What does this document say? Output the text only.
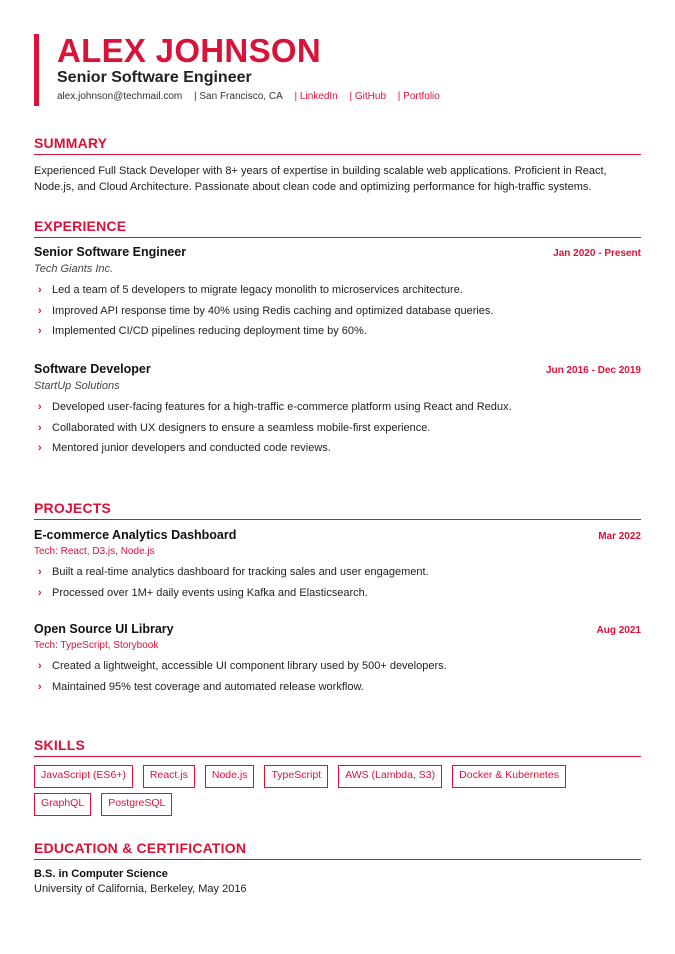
ALEX JOHNSON
Senior Software Engineer
alex.johnson@techmail.com | San Francisco, CA | LinkedIn | GitHub | Portfolio
SUMMARY
Experienced Full Stack Developer with 8+ years of expertise in building scalable web applications. Proficient in React, Node.js, and Cloud Architecture. Passionate about clean code and optimizing performance for high-traffic systems.
EXPERIENCE
Senior Software Engineer	Jan 2020 - Present
Tech Giants Inc.
› Led a team of 5 developers to migrate legacy monolith to microservices architecture.
› Improved API response time by 40% using Redis caching and optimized database queries.
› Implemented CI/CD pipelines reducing deployment time by 60%.
Software Developer	Jun 2016 - Dec 2019
StartUp Solutions
› Developed user-facing features for a high-traffic e-commerce platform using React and Redux.
› Collaborated with UX designers to ensure a seamless mobile-first experience.
› Mentored junior developers and conducted code reviews.
PROJECTS
E-commerce Analytics Dashboard	Mar 2022
Tech: React, D3.js, Node.js
› Built a real-time analytics dashboard for tracking sales and user engagement.
› Processed over 1M+ daily events using Kafka and Elasticsearch.
Open Source UI Library	Aug 2021
Tech: TypeScript, Storybook
› Created a lightweight, accessible UI component library used by 500+ developers.
› Maintained 95% test coverage and automated release workflow.
SKILLS
JavaScript (ES6+)	React.js	Node.js	TypeScript	AWS (Lambda, S3)	Docker & Kubernetes
GraphQL	PostgreSQL
EDUCATION & CERTIFICATION
B.S. in Computer Science
University of California, Berkeley, May 2016
